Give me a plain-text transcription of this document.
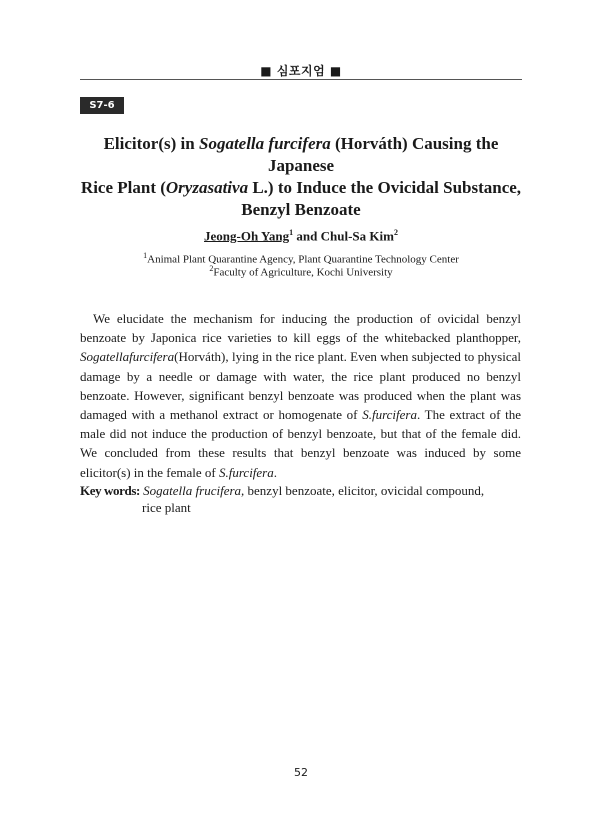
■ 심포지엄 ■
S7-6
Elicitor(s) in Sogatella furcifera (Horváth) Causing the Japanese
Rice Plant (Oryzasativa L.) to Induce the Ovicidal Substance,
Benzyl Benzoate
Jeong-Oh Yang$^1$ and Chul-Sa Kim$^2$
$^1$Animal Plant Quarantine Agency, Plant Quarantine Technology Center
$^2$Faculty of Agriculture, Kochi University
We elucidate the mechanism for inducing the production of ovicidal benzyl benzoate by Japonica rice varieties to kill eggs of the whitebacked planthopper, Sogatellafurcifera(Horváth), lying in the rice plant. Even when subjected to physical damage by a needle or damage with water, the rice plant produced no benzyl benzoate. However, significant benzyl benzoate was produced when the plant was damaged with a methanol extract or homogenate of S.furcifera. The extract of the male did not induce the production of benzyl benzoate, but that of the female did. We concluded from these results that benzyl benzoate was induced by some elicitor(s) in the female of S.furcifera.
Key words: Sogatella frucifera, benzyl benzoate, elicitor, ovicidal compound,
rice plant
52
